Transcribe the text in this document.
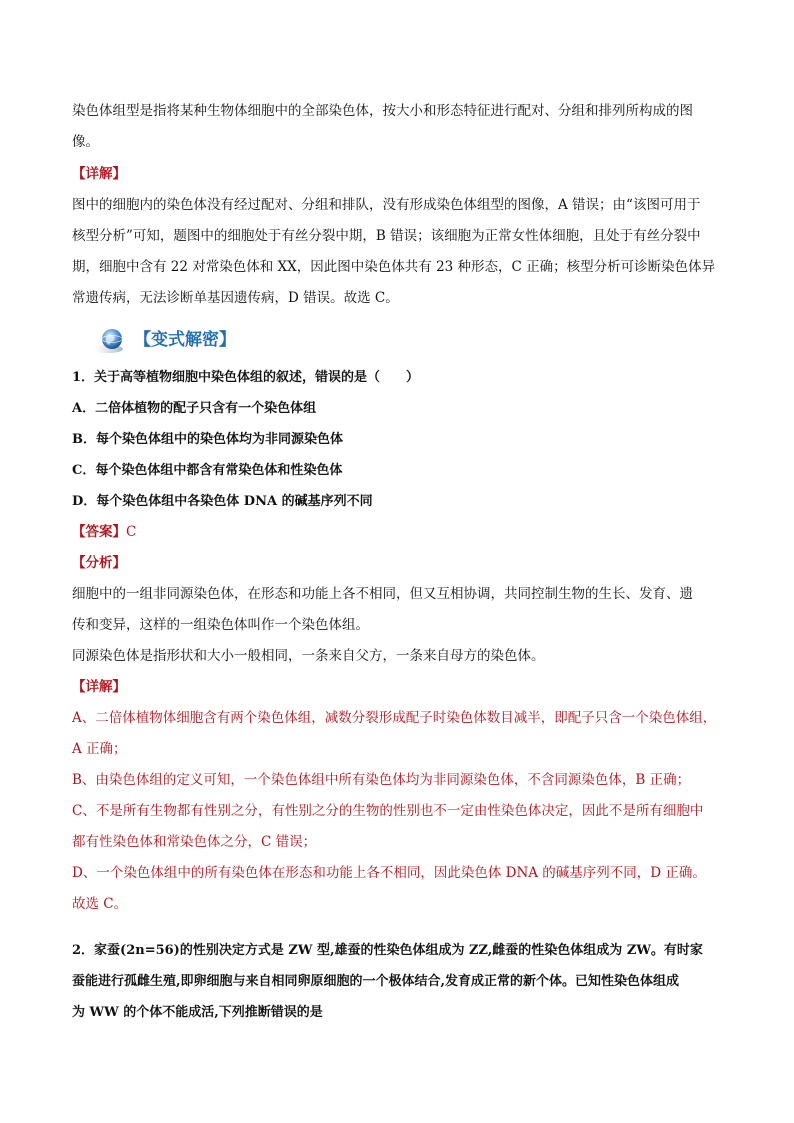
染色体组型是指将某种生物体细胞中的全部染色体，按大小和形态特征进行配对、分组和排列所构成的图

像。

【详解】

图中的细胞内的染色体没有经过配对、分组和排队，没有形成染色体组型的图像，A 错误；由“该图可用于

核型分析”可知，题图中的细胞处于有丝分裂中期，B 错误；该细胞为正常女性体细胞，且处于有丝分裂中

期，细胞中含有 22 对常染色体和 XX，因此图中染色体共有 23 种形态，C 正确；核型分析可诊断染色体异

常遗传病，无法诊断单基因遗传病，D 错误。故选 C。

【变式解密】

1．关于高等植物细胞中染色体组的叙述，错误的是（　　）

A．二倍体植物的配子只含有一个染色体组

B．每个染色体组中的染色体均为非同源染色体

C．每个染色体组中都含有常染色体和性染色体

D．每个染色体组中各染色体 DNA 的碱基序列不同

【答案】C

【分析】

细胞中的一组非同源染色体，在形态和功能上各不相同，但又互相协调，共同控制生物的生长、发育、遗

传和变异，这样的一组染色体叫作一个染色体组。

同源染色体是指形状和大小一般相同，一条来自父方，一条来自母方的染色体。

【详解】

A、二倍体植物体细胞含有两个染色体组，减数分裂形成配子时染色体数目减半，即配子只含一个染色体组，

A 正确；

B、由染色体组的定义可知，一个染色体组中所有染色体均为非同源染色体，不含同源染色体，B 正确；

C、不是所有生物都有性别之分，有性别之分的生物的性别也不一定由性染色体决定，因此不是所有细胞中

都有性染色体和常染色体之分，C 错误；

D、一个染色体组中的所有染色体在形态和功能上各不相同，因此染色体 DNA 的碱基序列不同，D 正确。

故选 C。

2．家蚕(2n=56)的性别决定方式是 ZW 型,雄蚕的性染色体组成为 ZZ,雌蚕的性染色体组成为 ZW。有时家

蚕能进行孤雌生殖,即卵细胞与来自相同卵原细胞的一个极体结合,发育成正常的新个体。已知性染色体组成

为 WW 的个体不能成活,下列推断错误的是
